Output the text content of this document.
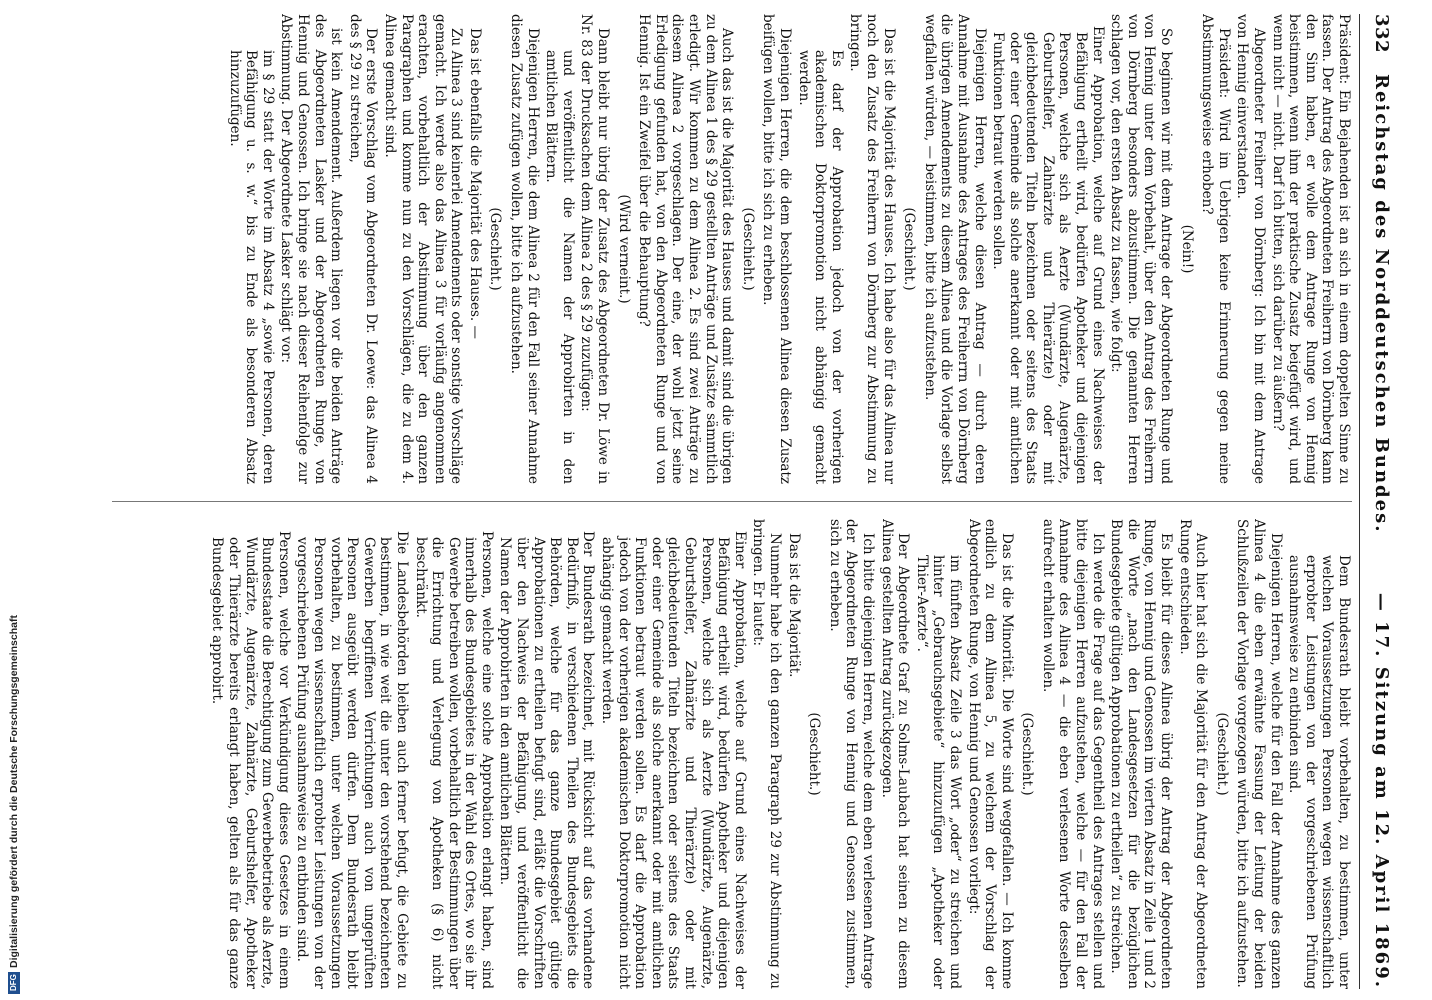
DFG
Digitalisierung gefördert durch die Deutsche Forschungsgemeinschaft
332
Reichstag des Norddeutschen Bundes.
— 17. Sitzung am 12. April 1869.

Präsident: Ein Bejahenden ist an sich in einem doppelten Sinne zu fassen. Der Antrag des Abgeordneten Freiherrn von Dörnberg kann den Sinn haben, er wolle dem Antrage Runge von Hennig beistimmen, wenn ihm der praktische Zusatz beigefügt wird, und wenn nicht — nicht. Darf ich bitten, sich darüber zu äußern?

Abgeordneter Freiherr von Dörnberg: Ich bin mit dem Antrage von Hennig einverstanden.

Präsident: Wird im Uebrigen keine Erinnerung gegen meine Abstimmungsweise erhoben?

(Nein!)

So beginnen wir mit dem Antrage der Abgeordneten Runge und von Hennig unter dem Vorbehalt, über den Antrag des Freiherrn von Dörnberg besonders abzustimmen. Die genannten Herren schlagen vor, den ersten Absatz zu fassen, wie folgt:

Einer Approbation, welche auf Grund eines Nachweises der Befähigung ertheilt wird, bedürfen Apotheker und diejenigen Personen, welche sich als Aerzte (Wundärzte, Augenärzte, Geburtshelfer, Zahnärzte und Thierärzte) oder mit gleichbedeutenden Titeln bezeichnen oder seitens des Staats oder einer Gemeinde als solche anerkannt oder mit amtlichen Funktionen betraut werden sollen.

Diejenigen Herren, welche diesen Antrag — durch deren Annahme mit Ausnahme des Antrages des Freiherrn von Dörnberg die übrigen Amendements zu diesem Alinea und die Vorlage selbst wegfallen würden, — beistimmen, bitte ich aufzustehen.

(Geschieht.)

Das ist die Majorität des Hauses. Ich habe also für das Alinea nur noch den Zusatz des Freiherrn von Dörnberg zur Abstimmung zu bringen.

Es darf der Approbation jedoch von der vorherigen akademischen Doktorpromotion nicht abhängig gemacht werden.

Diejenigen Herren, die dem beschlossenen Alinea diesen Zusatz beifügen wollen, bitte ich sich zu erheben.

(Geschieht.)

Auch das ist die Majorität des Hauses und damit sind die übrigen zu dem Alinea 1 des § 29 gestellten Anträge und Zusätze sämmtlich erledigt. Wir kommen zu dem Alinea 2. Es sind zwei Anträge zu diesem Alinea 2 vorgeschlagen. Der eine, der wohl jetzt seine Erledigung gefunden hat, von den Abgeordneten Runge und von Hennig. Ist ein Zweifel über die Behauptung?

(Wird verneint.)

Dann bleibt nur übrig der Zusatz des Abgeordneten Dr. Löwe in Nr. 83 der Drucksachen dem Alinea 2 des § 29 zuzufügen:

und veröffentlicht die Namen der Approbirten in den amtlichen Blättern.

Diejenigen Herren, die dem Alinea 2 für den Fall seiner Annahme diesen Zusatz zufügen wollen, bitte ich aufzustehen.

(Geschieht.)

Das ist ebenfalls die Majorität des Hauses. —

Zu Alinea 3 sind keinerlei Amendements oder sonstige Vorschläge gemacht. Ich werde also das Alinea 3 für vorläufig angenommen erachten, vorbehaltlich der Abstimmung über den ganzen Paragraphen und komme nun zu den Vorschlägen, die zu dem 4. Alinea gemacht sind.

Der erste Vorschlag vom Abgeordneten Dr. Loewe: das Alinea 4 des § 29 zu streichen,

ist kein Amendement. Außerdem liegen vor die beiden Anträge des Abgeordneten Lasker und der Abgeordneten Runge, von Hennig und Genossen. Ich bringe sie nach dieser Reihenfolge zur Abstimmung. Der Abgeordnete Lasker schlägt vor:

im § 29 statt der Worte im Absatz 4 „sowie Personen, deren Befähigung u. s. w.“ bis zu Ende als besonderen Absatz hinzuzufügen.

Dem Bundesrath bleibt vorbehalten, zu bestimmen, unter welchen Voraussetzungen Personen wegen wissenschaftlich erprobter Leistungen von der vorgeschriebenen Prüfung ausnahmsweise zu entbinden sind.

Diejenigen Herren, welche für den Fall der Annahme des ganzen Alinea 4 die eben erwähnte Fassung der Leitung der beiden Schlußzeilen der Vorlage vorgezogen würden, bitte ich aufzustehen.

(Geschieht.)

Auch hier hat sich die Majorität für den Antrag der Abgeordneten Runge entschieden.

Es bleibt für dieses Alinea übrig der Antrag der Abgeordneten Runge, von Hennig und Genossen im vierten Absatz in Zeile 1 und 2 die Worte „nach den Landesgesetzen für die bezüglichen Bundesgebiete gültigen Approbationen zu ertheilen“ zu streichen.

Ich werde die Frage auf das Gegentheil des Antrages stellen und bitte diejenigen Herren aufzustehen, welche — für den Fall der Annahme des Alinea 4 — die eben verlesenen Worte desselben aufrecht erhalten wollen.

(Geschieht.)

Das ist die Minorität. Die Worte sind weggefallen. — Ich komme endlich zu dem Alinea 5, zu welchem der Vorschlag der Abgeordneten Runge, von Hennig und Genossen vorliegt:

im fünften Absatz Zeile 3 das Wort „oder“ zu streichen und hinter „Gebrauchsgebiete“ hinzuzufügen „Apotheker oder Thier-Aerzte“.

Der Abgeordnete Graf zu Solms-Laubach hat seinen zu diesem Alinea gestellten Antrag zurückgezogen.

Ich bitte diejenigen Herren, welche dem eben verlesenen Antrage der Abgeordneten Runge von Hennig und Genossen zustimmen, sich zu erheben.

(Geschieht.)

Das ist die Majorität.

Nunmehr habe ich den ganzen Paragraph 29 zur Abstimmung zu bringen. Er lautet:

Einer Approbation, welche auf Grund eines Nachweises der Befähigung ertheilt wird, bedürfen Apotheker und diejenigen Personen, welche sich als Aerzte (Wundärzte, Augenärzte, Geburtshelfer, Zahnärzte und Thierärzte) oder mit gleichbedeutenden Titeln bezeichnen oder seitens des Staats oder einer Gemeinde als solche anerkannt oder mit amtlichen Funktionen betraut werden sollen. Es darf die Approbation jedoch von der vorherigen akademischen Doktorpromotion nicht abhängig gemacht werden.

Der Bundesrath bezeichnet, mit Rücksicht auf das vorhandene Bedürfniß, in verschiedenen Theilen des Bundesgebiets die Behörden, welche für das ganze Bundesgebiet gültige Approbationen zu ertheilen befugt sind, erläßt die Vorschriften über den Nachweis der Befähigung, und veröffentlicht die Namen der Approbirten in den amtlichen Blättern.

Personen, welche eine solche Approbation erlangt haben, sind innerhalb des Bundesgebietes in der Wahl des Ortes, wo sie ihr Gewerbe betreiben wollen, vorbehaltlich der Bestimmungen über die Errichtung und Verlegung von Apotheken (§ 6) nicht beschränkt.

Die Landesbehörden bleiben auch ferner befugt, die Gebiete zu bestimmen, in wie weit die unter den vorstehend bezeichneten Gewerben begriffenen Verrichtungen auch von ungeprüften Personen ausgeübt werden dürfen. Dem Bundesrath bleibt vorbehalten, zu bestimmen, unter welchen Voraussetzungen Personen wegen wissenschaftlich erprobter Leistungen von der vorgeschriebenen Prüfung ausnahmsweise zu entbinden sind.

Personen, welche vor Verkündigung dieses Gesetzes in einem Bundesstaate die Berechtigung zum Gewerbebetriebe als Aerzte, Wundärzte, Augenärzte, Zahnärzte, Geburtshelfer, Apotheker oder Thierärzte bereits erlangt haben, gelten als für das ganze Bundesgebiet approbirt.
